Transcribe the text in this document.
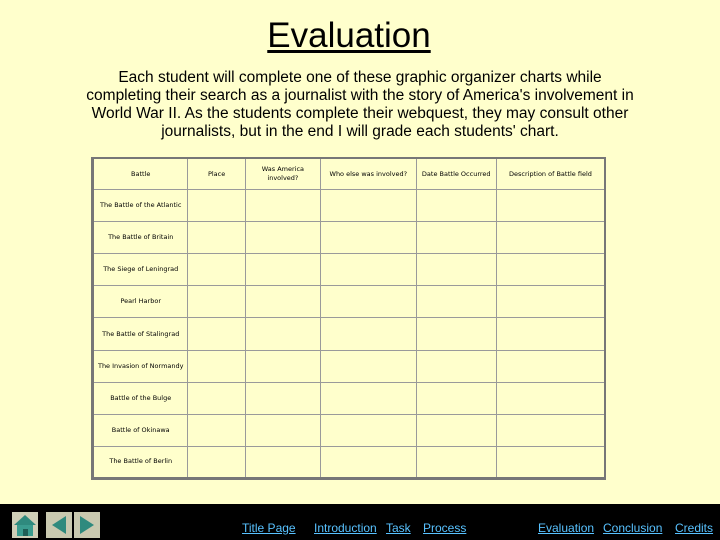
Evaluation
Each student will complete one of these graphic organizer charts while completing their search as a journalist with the story of America's involvement in World War II. As the students complete their webquest, they may consult other journalists, but in the end I will grade each students' chart.
Battle	Place	Was America involved?	Who else was involved?	Date Battle Occurred	Description of Battle field
The Battle of the Atlantic					
The Battle of Britain					
The Siege of Leningrad					
Pearl Harbor					
The Battle of Stalingrad					
The Invasion of Normandy					
Battle of the Bulge					
Battle of Okinawa					
The Battle of Berlin					
Title Page Introduction Task Process	Evaluation Conclusion Credits
